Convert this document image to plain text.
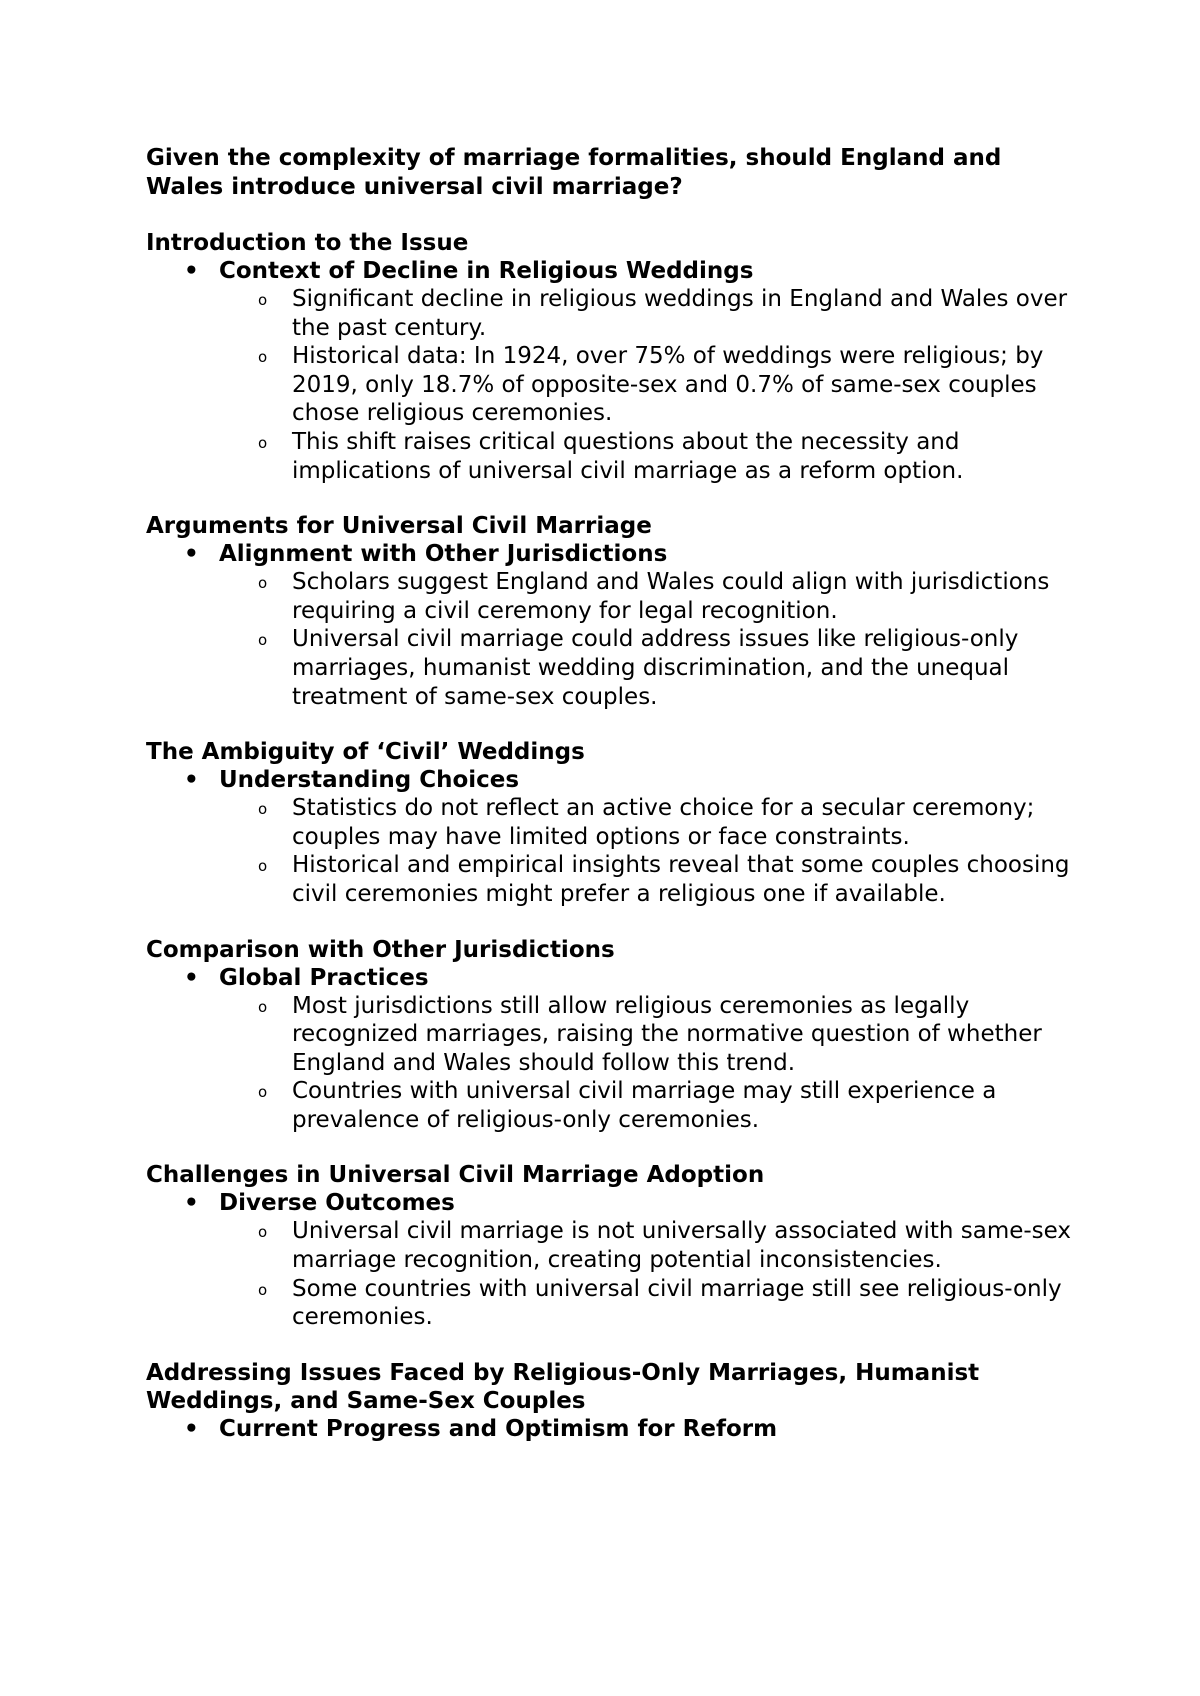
Given the complexity of marriage formalities, should England and Wales introduce universal civil marriage?

Introduction to the Issue
• Context of Decline in Religious Weddings
o Significant decline in religious weddings in England and Wales over the past century.
o Historical data: In 1924, over 75% of weddings were religious; by 2019, only 18.7% of opposite-sex and 0.7% of same-sex couples chose religious ceremonies.
o This shift raises critical questions about the necessity and implications of universal civil marriage as a reform option.
Arguments for Universal Civil Marriage
• Alignment with Other Jurisdictions
o Scholars suggest England and Wales could align with jurisdictions requiring a civil ceremony for legal recognition.
o Universal civil marriage could address issues like religious-only marriages, humanist wedding discrimination, and the unequal treatment of same-sex couples.
The Ambiguity of ‘Civil’ Weddings
• Understanding Choices
o Statistics do not reflect an active choice for a secular ceremony; couples may have limited options or face constraints.
o Historical and empirical insights reveal that some couples choosing civil ceremonies might prefer a religious one if available.
Comparison with Other Jurisdictions
• Global Practices
o Most jurisdictions still allow religious ceremonies as legally recognized marriages, raising the normative question of whether England and Wales should follow this trend.
o Countries with universal civil marriage may still experience a prevalence of religious-only ceremonies.
Challenges in Universal Civil Marriage Adoption
• Diverse Outcomes
o Universal civil marriage is not universally associated with same-sex marriage recognition, creating potential inconsistencies.
o Some countries with universal civil marriage still see religious-only ceremonies.
Addressing Issues Faced by Religious-Only Marriages, Humanist Weddings, and Same-Sex Couples
• Current Progress and Optimism for Reform
